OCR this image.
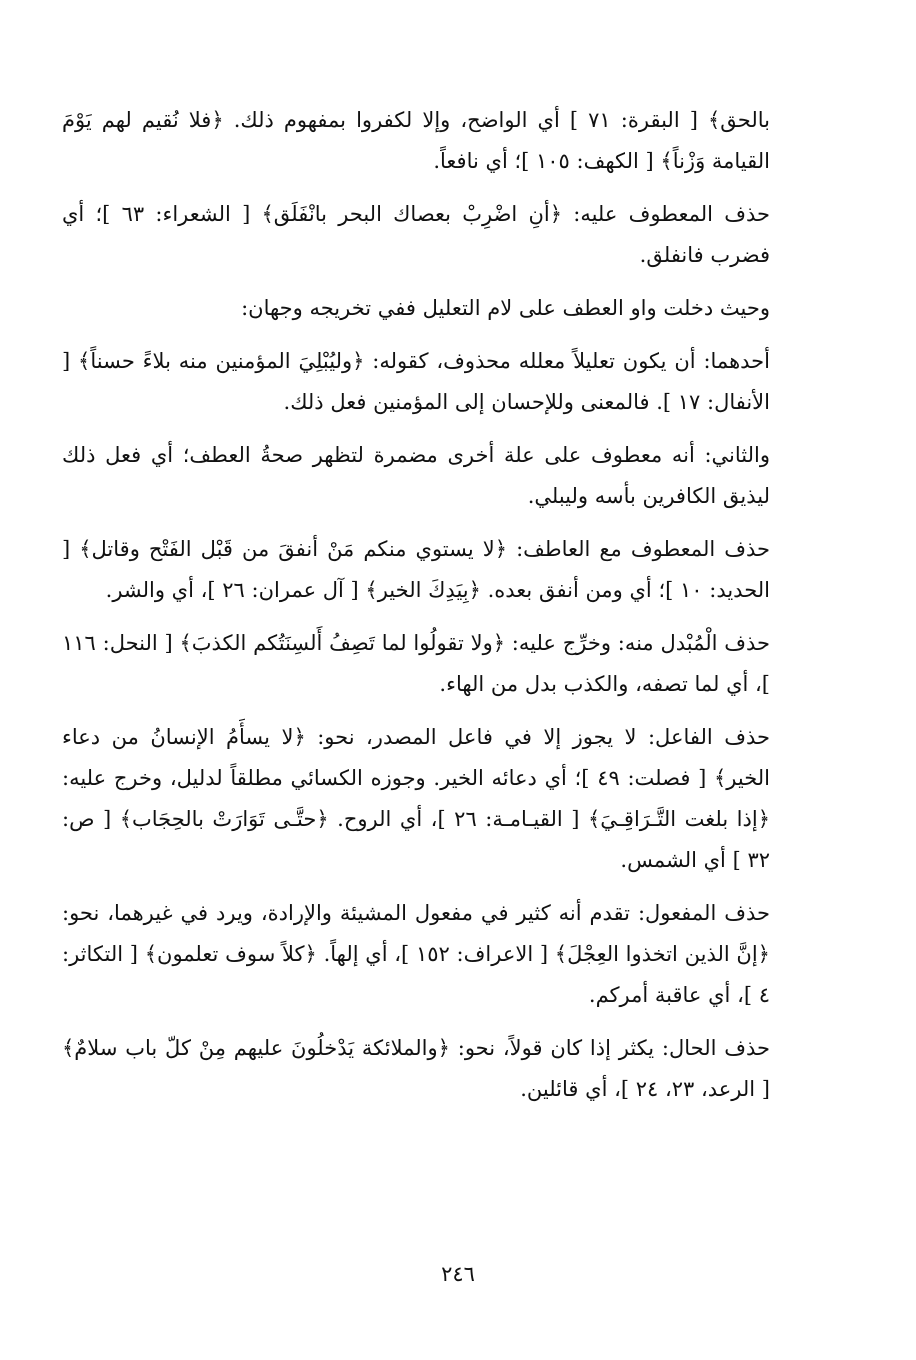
بالحق﴾ [ البقرة: ٧١ ] أي الواضح، وإلا لكفروا بمفهوم ذلك. ﴿فلا نُقيم لهم يَوْمَ القيامة وَزْناً﴾ [ الكهف: ١٠٥ ]؛ أي نافعاً.

حذف المعطوف عليه: ﴿أنِ اضْرِبْ بعصاك البحر بانْفَلَق﴾ [ الشعراء: ٦٣ ]؛ أي فضرب فانفلق.

وحيث دخلت واو العطف على لام التعليل ففي تخريجه وجهان:

أحدهما: أن يكون تعليلاً معلله محذوف، كقوله: ﴿وليُبْلِيَ المؤمنين منه بلاءً حسناً﴾ [ الأنفال: ١٧ ]. فالمعنى وللإحسان إلى المؤمنين فعل ذلك.

والثاني: أنه معطوف على علة أخرى مضمرة لتظهر صحةُ العطف؛ أي فعل ذلك ليذيق الكافرين بأسه وليبلي.

حذف المعطوف مع العاطف: ﴿لا يستوي منكم مَنْ أنفقَ من قَبْل الفَتْح وقاتل﴾ [ الحديد: ١٠ ]؛ أي ومن أنفق بعده. ﴿بِيَدِكَ الخير﴾ [ آل عمران: ٢٦ ]، أي والشر.

حذف الْمُبْدل منه: وخرِّج عليه: ﴿ولا تقولُوا لما تَصِفُ أَلسِنَتُكم الكذبَ﴾ [ النحل: ١١٦ ]، أي لما تصفه، والكذب بدل من الهاء.

حذف الفاعل: لا يجوز إلا في فاعل المصدر، نحو: ﴿لا يسأَمُ الإنسانُ من دعاء الخير﴾ [ فصلت: ٤٩ ]؛ أي دعائه الخير. وجوزه الكسائي مطلقاً لدليل، وخرج عليه: ﴿إذا بلغت التَّـرَاقِـيَ﴾ [ القيـامـة: ٢٦ ]، أي الروح. ﴿حتَّـى تَوَارَتْ بالحِجَاب﴾ [ ص: ٣٢ ] أي الشمس.

حذف المفعول: تقدم أنه كثير في مفعول المشيئة والإرادة، ويرد في غيرهما، نحو: ﴿إنَّ الذين اتخذوا العِجْلَ﴾ [ الاعراف: ١٥٢ ]، أي إلهاً. ﴿كلاً سوف تعلمون﴾ [ التكاثر: ٤ ]، أي عاقبة أمركم.

حذف الحال: يكثر إذا كان قولاً، نحو: ﴿والملائكة يَدْخلُونَ عليهم مِنْ كلّ باب سلامٌ﴾ [ الرعد، ٢٣، ٢٤ ]، أي قائلين.

٢٤٦
